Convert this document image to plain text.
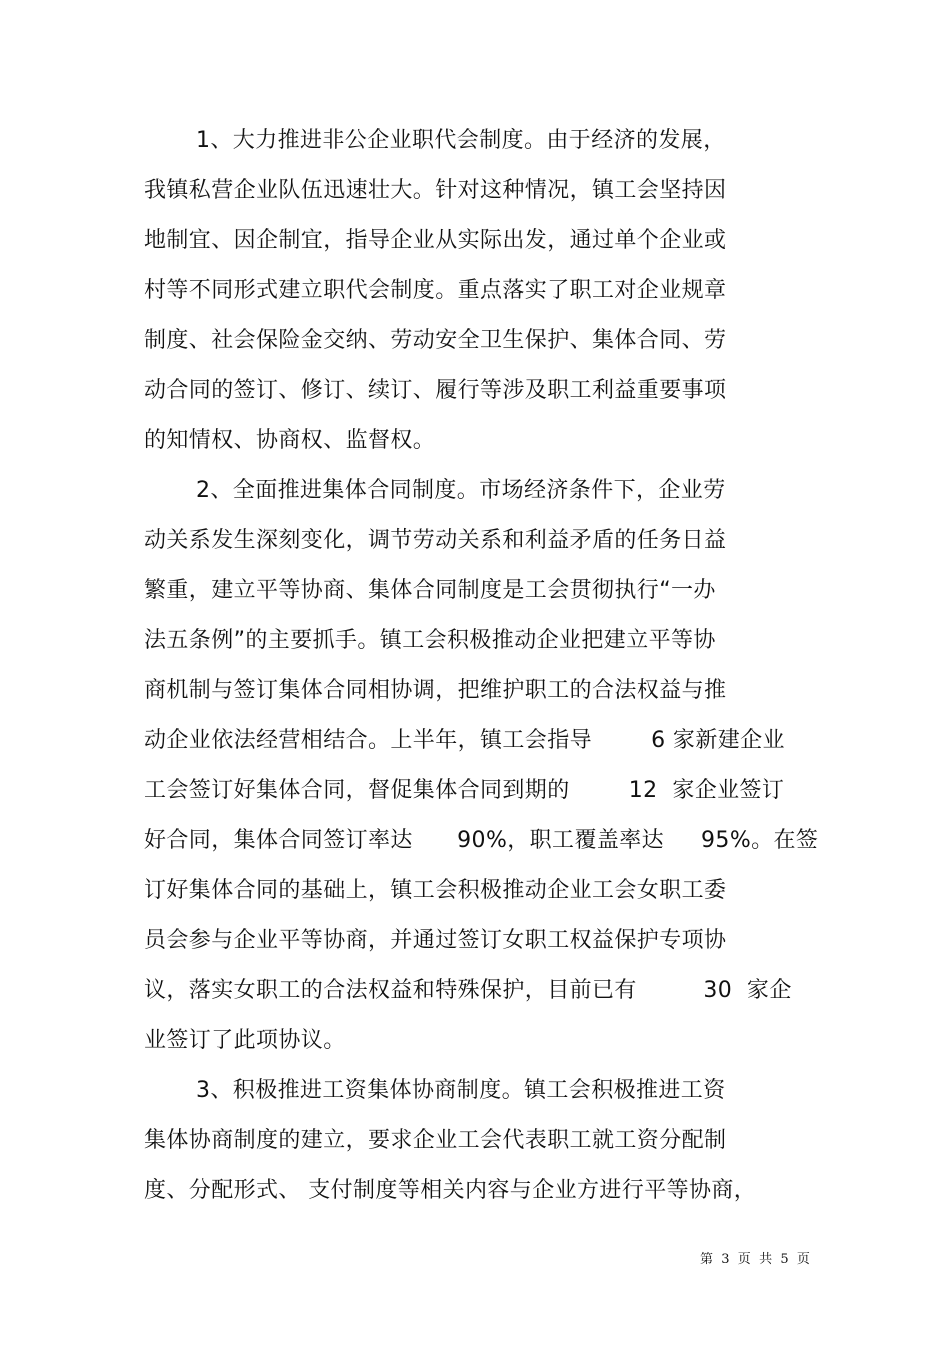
1、大力推进非公企业职代会制度。由于经济的发展，
我镇私营企业队伍迅速壮大。针对这种情况，镇工会坚持因
地制宜、因企制宜，指导企业从实际出发，通过单个企业或
村等不同形式建立职代会制度。重点落实了职工对企业规章
制度、社会保险金交纳、劳动安全卫生保护、集体合同、劳
动合同的签订、修订、续订、履行等涉及职工利益重要事项
的知情权、协商权、监督权。
2、全面推进集体合同制度。市场经济条件下，企业劳
动关系发生深刻变化，调节劳动关系和利益矛盾的任务日益
繁重，建立平等协商、集体合同制度是工会贯彻执行“一办
法五条例”的主要抓手。镇工会积极推动企业把建立平等协
商机制与签订集体合同相协调，把维护职工的合法权益与推
动企业依法经营相结合。上半年，镇工会指导        6 家新建企业
工会签订好集体合同，督促集体合同到期的        12  家企业签订
好合同，集体合同签订率达      90%，职工覆盖率达     95%。在签
订好集体合同的基础上，镇工会积极推动企业工会女职工委
员会参与企业平等协商，并通过签订女职工权益保护专项协
议，落实女职工的合法权益和特殊保护，目前已有         30  家企
业签订了此项协议。
3、积极推进工资集体协商制度。镇工会积极推进工资
集体协商制度的建立，要求企业工会代表职工就工资分配制
度、分配形式、 支付制度等相关内容与企业方进行平等协商，
第  3  页  共  5  页
